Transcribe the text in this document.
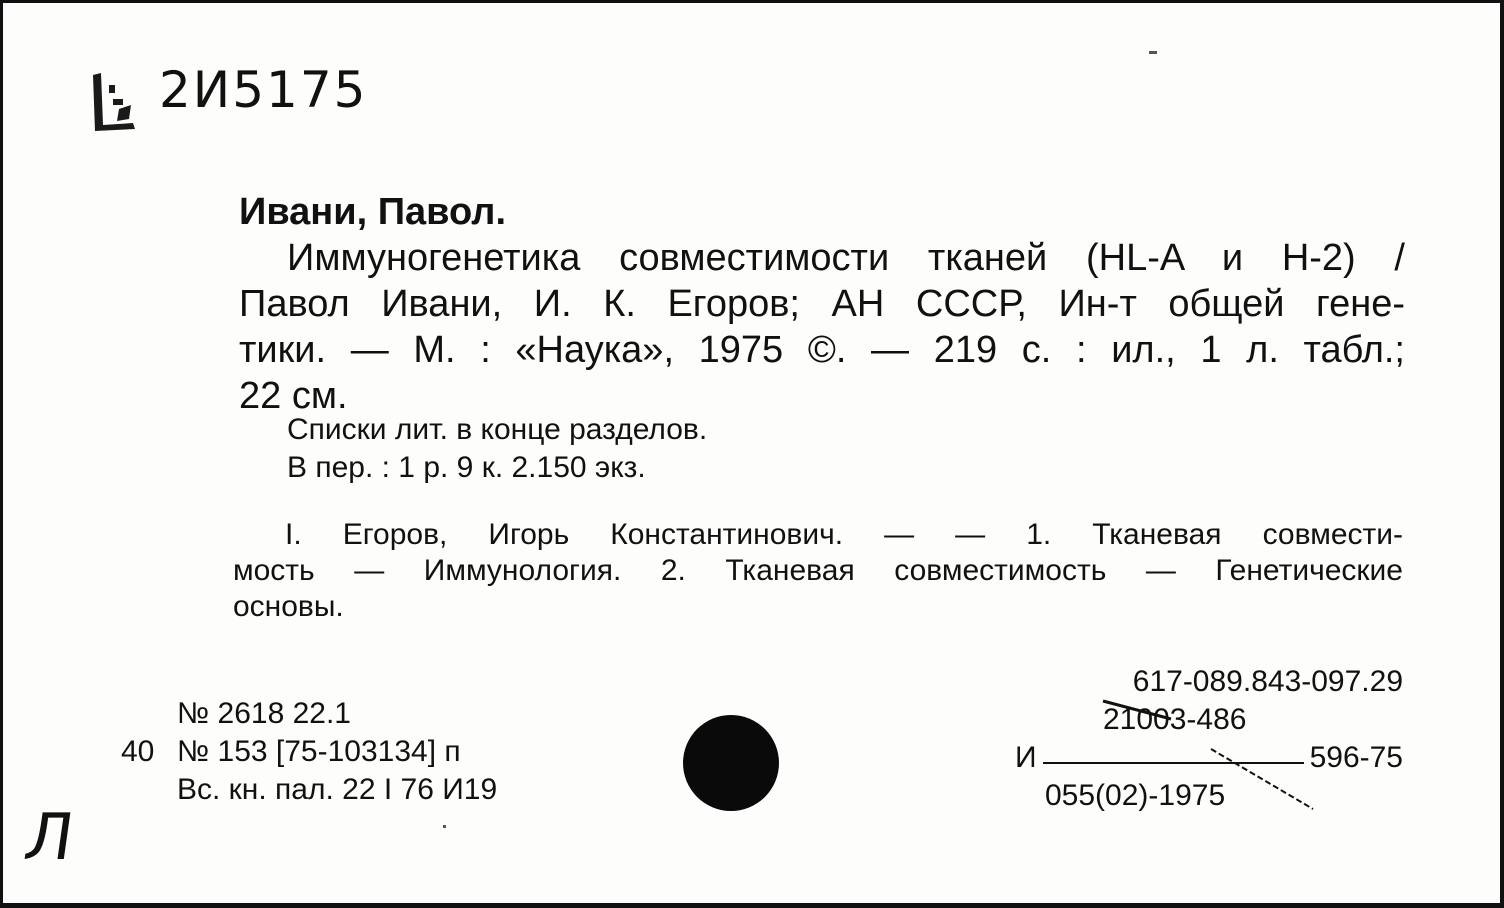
2И5175
Ивани, Павол.
Иммуногенетика совместимости тканей (HL-A и H-2) /
Павол Ивани, И. К. Егоров; АН СССР, Ин-т общей гене-
тики. — М. : «Наука», 1975 ©. — 219 с. : ил., 1 л. табл.;
22 см.
Списки лит. в конце разделов.
В пер. : 1 р. 9 к. 2.150 экз.
I. Егоров, Игорь Константинович. — — 1. Тканевая совмести-
мость — Иммунология. 2. Тканевая совместимость — Генетические
основы.
№ 2618 22.1
40 № 153 [75-103134] п
Вс. кн. пал. 22 I 76 И19
617-089.843-097.29
21003-486
И	596-75
055(02)-1975
Л
